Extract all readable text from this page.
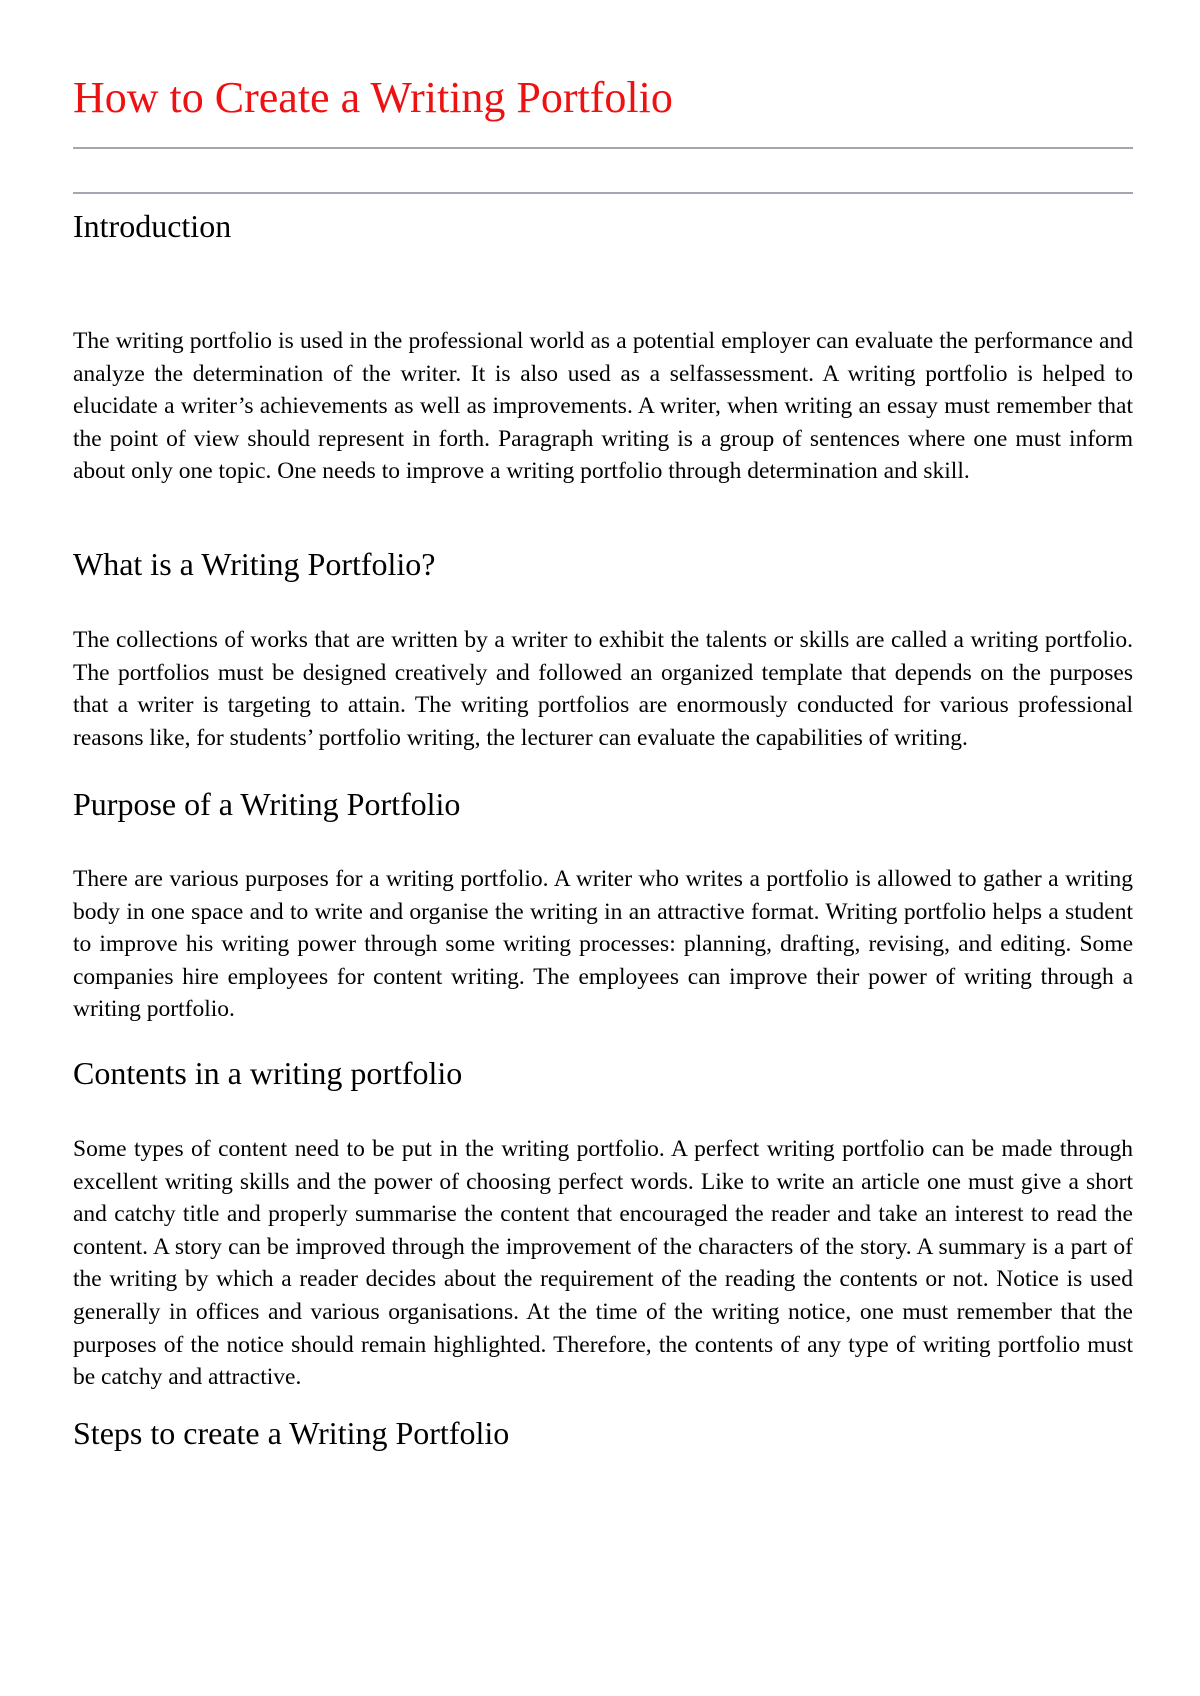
How to Create a Writing Portfolio
Introduction

The writing portfolio is used in the professional world as a potential employer can evaluate the performance and analyze the determination of the writer. It is also used as a selfassessment. A writing portfolio is helped to elucidate a writer’s achievements as well as improvements. A writer, when writing an essay must remember that the point of view should represent in forth. Paragraph writing is a group of sentences where one must inform about only one topic. One needs to improve a writing portfolio through determination and skill.

What is a Writing Portfolio?

The collections of works that are written by a writer to exhibit the talents or skills are called a writing portfolio. The portfolios must be designed creatively and followed an organized template that depends on the purposes that a writer is targeting to attain. The writing portfolios are enormously conducted for various professional reasons like, for students’ portfolio writing, the lecturer can evaluate the capabilities of writing.

Purpose of a Writing Portfolio

There are various purposes for a writing portfolio. A writer who writes a portfolio is allowed to gather a writing body in one space and to write and organise the writing in an attractive format. Writing portfolio helps a student to improve his writing power through some writing processes: planning, drafting, revising, and editing. Some companies hire employees for content writing. The employees can improve their power of writing through a writing portfolio.

Contents in a writing portfolio

Some types of content need to be put in the writing portfolio. A perfect writing portfolio can be made through excellent writing skills and the power of choosing perfect words. Like to write an article one must give a short and catchy title and properly summarise the content that encouraged the reader and take an interest to read the content. A story can be improved through the improvement of the characters of the story. A summary is a part of the writing by which a reader decides about the requirement of the reading the contents or not. Notice is used generally in offices and various organisations. At the time of the writing notice, one must remember that the purposes of the notice should remain highlighted. Therefore, the contents of any type of writing portfolio must be catchy and attractive.

Steps to create a Writing Portfolio
